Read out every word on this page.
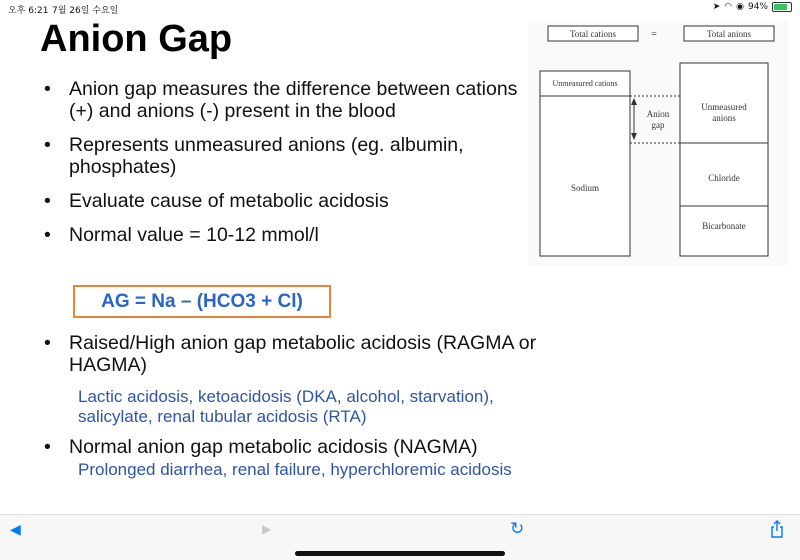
오후 6:21 7월 26일 수요일	➤ ◠ ◉ 94%
Anion Gap
• Anion gap measures the difference between cations (+) and anions (-) present in the blood
• Represents unmeasured anions (eg. albumin, phosphates)
• Evaluate cause of metabolic acidosis
• Normal value = 10-12 mmol/l
AG = Na – (HCO3 + Cl)
• Raised/High anion gap metabolic acidosis (RAGMA or HAGMA)
Lactic acidosis, ketoacidosis (DKA, alcohol, starvation), salicylate, renal tubular acidosis (RTA)
• Normal anion gap metabolic acidosis (NAGMA)
Prolonged diarrhea, renal failure, hyperchloremic acidosis
Total cations	=	Total anions
Unmeasured cations
Sodium
Unmeasured
anions
Chloride
Bicarbonate
Anion
gap
◀	▶	↻
